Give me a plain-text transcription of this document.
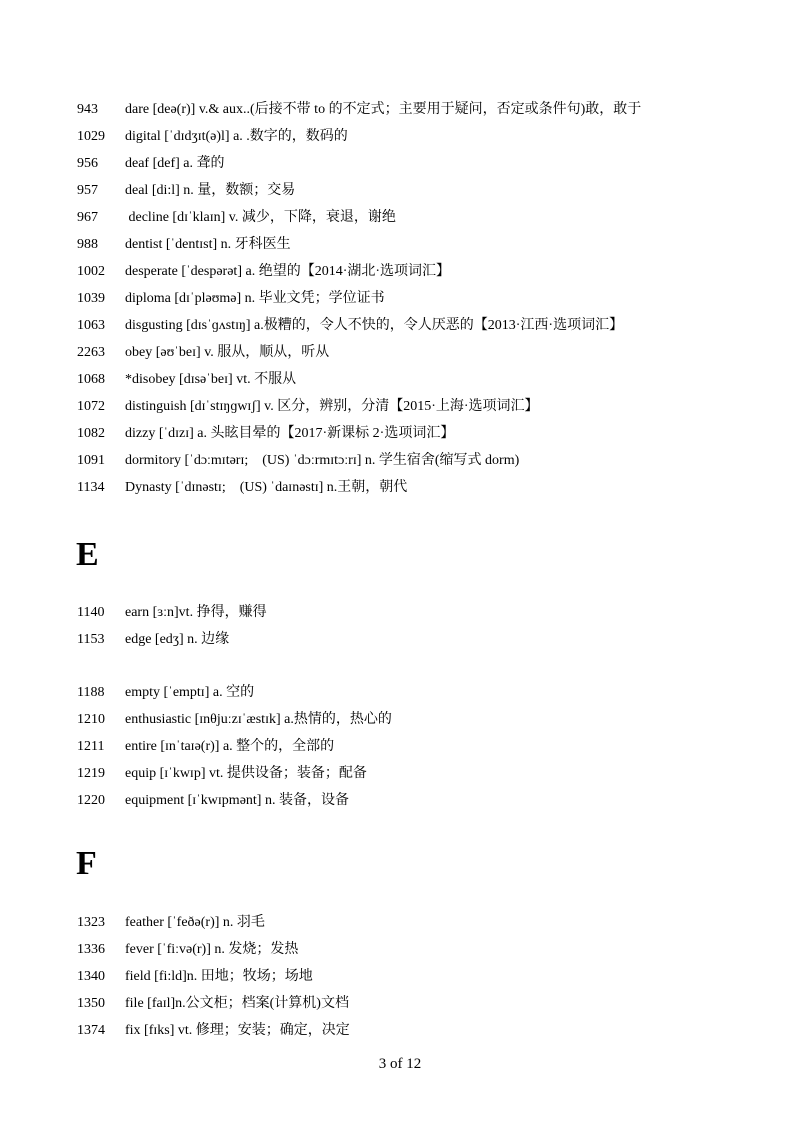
943 dare [deə(r)] v.& aux..(后接不带 to 的不定式；主要用于疑问，否定或条件句)敢，敢于
1029 digital [ˈdɪdʒɪt(ə)l] a. .数字的，数码的
956 deaf [def] a. 聋的
957 deal [di:l] n. 量，数额；交易
967 decline [dɪˈklaɪn] v. 减少，下降，衰退，谢绝
988 dentist [ˈdentɪst] n. 牙科医生
1002 desperate [ˈdespərət] a. 绝望的【2014·湖北·选项词汇】
1039 diploma [dɪˈpləʊmə] n. 毕业文凭；学位证书
1063 disgusting [dɪsˈɡʌstɪŋ] a.极糟的，令人不快的，令人厌恶的【2013·江西·选项词汇】
2263 obey [əʊˈbeɪ] v. 服从，顺从，听从
1068 *disobey [dɪsəˈbeɪ] vt. 不服从
1072 distinguish [dɪˈstɪŋɡwɪʃ] v. 区分，辨别，分清【2015·上海·选项词汇】
1082 dizzy [ˈdɪzɪ] a. 头眩目晕的【2017·新课标 2·选项词汇】
1091 dormitory [ˈdɔːmɪtərɪ;    (US) ˈdɔːrmɪtɔːrɪ] n. 学生宿舍(缩写式 dorm)
1134 Dynasty [ˈdɪnəstɪ;    (US) ˈdaɪnəstɪ] n.王朝，朝代
E
1140 earn [ɜːn]vt. 挣得，赚得
1153 edge [edʒ] n. 边缘
1188 empty [ˈemptɪ] a. 空的
1210 enthusiastic [ɪnθjuːzɪˈæstɪk] a.热情的，热心的
1211 entire [ɪnˈtaɪə(r)] a. 整个的，全部的
1219 equip [ɪˈkwɪp] vt. 提供设备；装备；配备
1220 equipment [ɪˈkwɪpmənt] n. 装备，设备
F
1323 feather [ˈfeðə(r)] n. 羽毛
1336 fever [ˈfiːvə(r)] n. 发烧；发热
1340 field [fi:ld]n. 田地；牧场；场地
1350 file [faɪl]n.公文柜；档案(计算机)文档
1374 fix [fɪks] vt. 修理；安装；确定，决定
3 of 12
